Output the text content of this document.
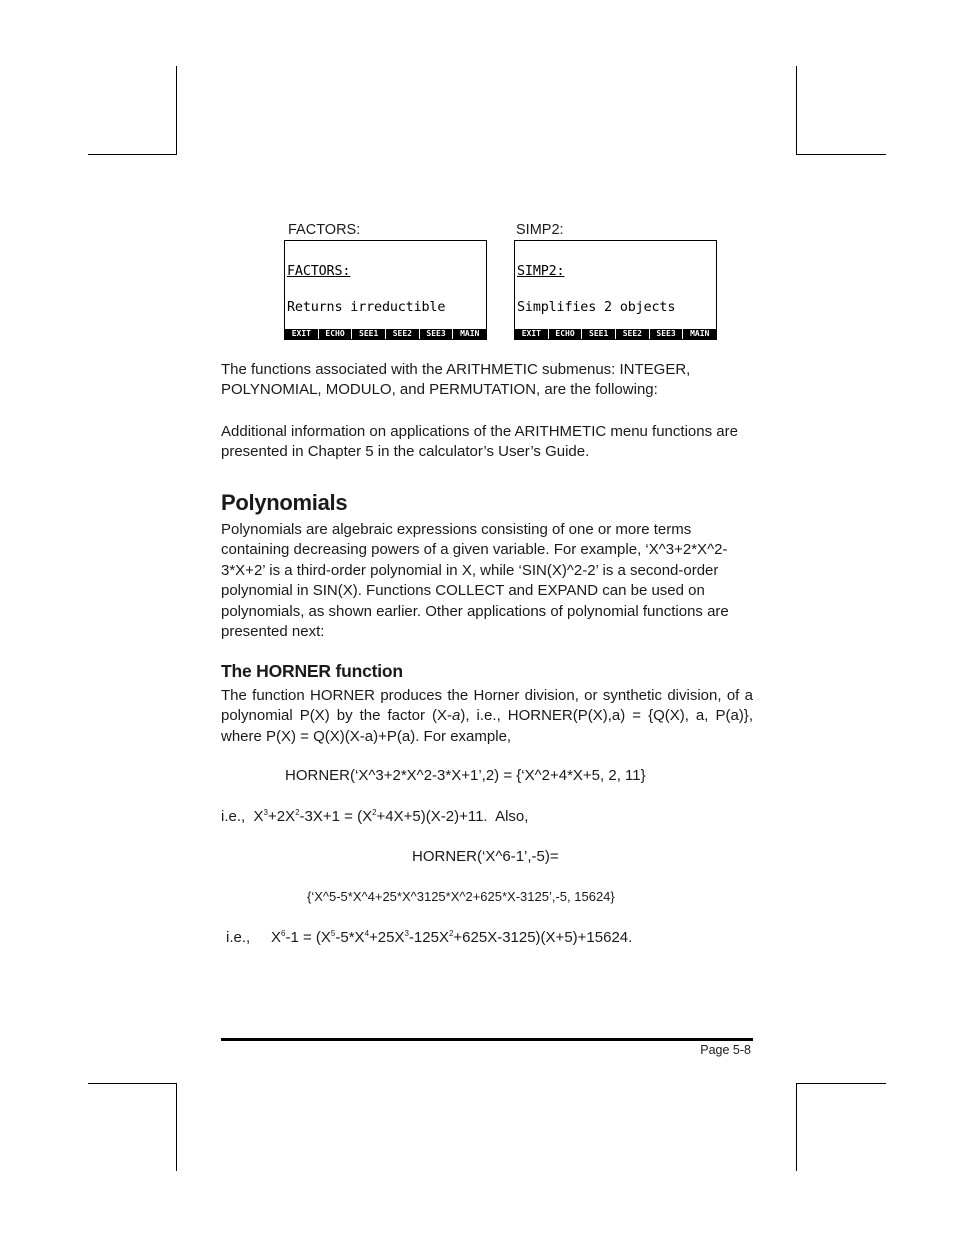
FACTORS:

FACTORS:

Returns irreductible

EXIT	ECHO	SEE1	SEE2	SEE3	MAIN
SIMP2:

SIMP2:

Simplifies 2 objects

EXIT	ECHO	SEE1	SEE2	SEE3	MAIN

The functions associated with the ARITHMETIC submenus: INTEGER, POLYNOMIAL, MODULO, and PERMUTATION, are the following:

Additional information on applications of the ARITHMETIC menu functions are presented in Chapter 5 in the calculator’s User’s Guide.

Polynomials

Polynomials are algebraic expressions consisting of one or more terms containing decreasing powers of a given variable. For example, ‘X^3+2*X^2-3*X+2’ is a third-order polynomial in X, while ‘SIN(X)^2-2’ is a second-order polynomial in SIN(X). Functions COLLECT and EXPAND can be used on polynomials, as shown earlier. Other applications of polynomial functions are presented next:

The HORNER function

The function HORNER produces the Horner division, or synthetic division, of a polynomial P(X) by the factor (X-a), i.e., HORNER(P(X),a) = {Q(X), a, P(a)}, where P(X) = Q(X)(X-a)+P(a). For example,

HORNER(‘X^3+2*X^2-3*X+1’,2) = {‘X^2+4*X+5, 2, 11}
i.e.,  $X^3+2X^2-3X+1 = (X^2+4X+5)(X-2)+11$.  Also,
HORNER(‘X^6-1’,-5)=
{‘X^5-5*X^4+25*X^3125*X^2+625*X-3125’,-5, 15624}
i.e.,     $X^6-1 = (X^5-5*X^4+25X^3-125X^2+625X-3125)(X+5)+15624$.
Page 5-8
